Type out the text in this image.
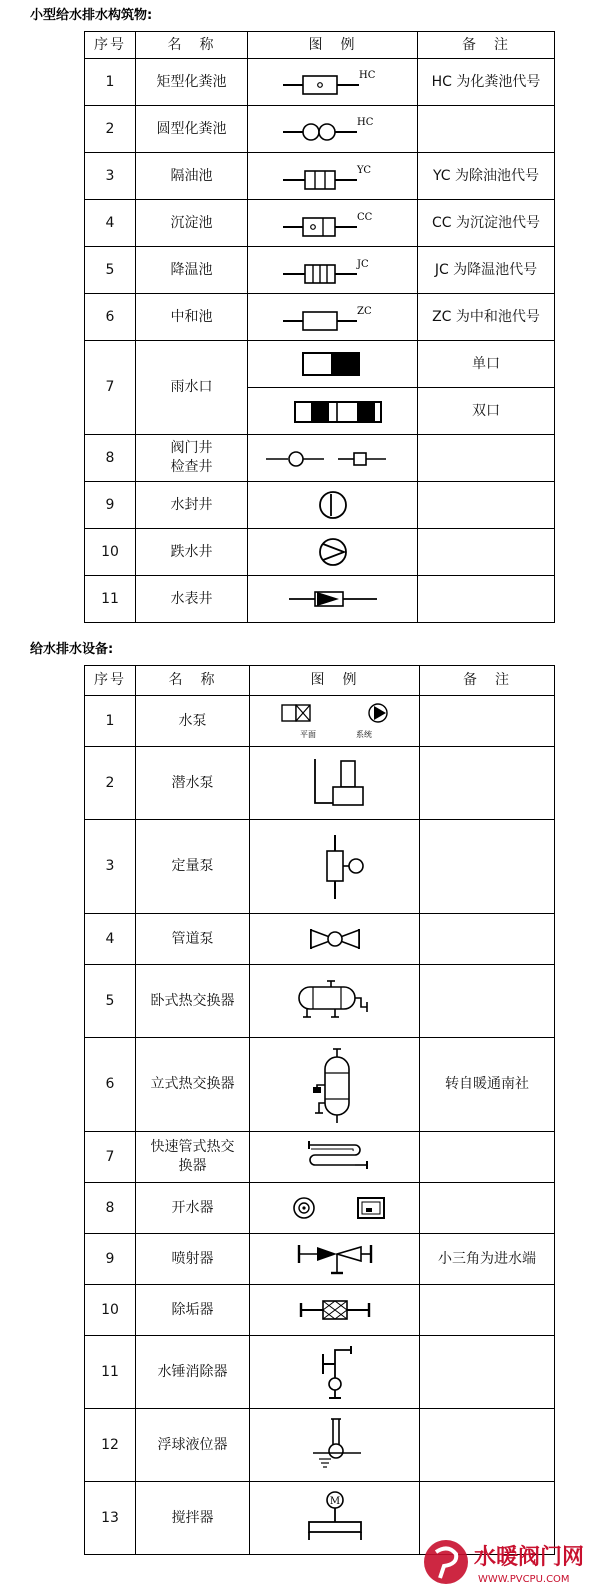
小型给水排水构筑物:
序号	名　称	图　例	备　注
1	矩型化粪池	HC	HC 为化粪池代号
2	圆型化粪池	HC	

3	隔油池	YC	YC 为除油池代号
4	沉淀池	CC	CC 为沉淀池代号
5	降温池	JC	JC 为降温池代号
6	中和池	ZC	ZC 为中和池代号
7	雨水口		单口

	双口
8	阀门井
检查井

9	水封井	

10	跌水井	

11	水表井	

给水排水设备:
序号	名　称	图　例	备　注
1	水泵	平面 系统	

2	潜水泵	

3	定量泵	

4	管道泵	

5	卧式热交换器	

6	立式热交换器		转自暖通南社
7	快速管式热交
换器

8	开水器	

9	喷射器		小三角为进水端
10	除垢器	

11	水锤消除器	

12	浮球液位器	

13	搅拌器	M	

水暖阀门网
WWW.PVCPU.COM
